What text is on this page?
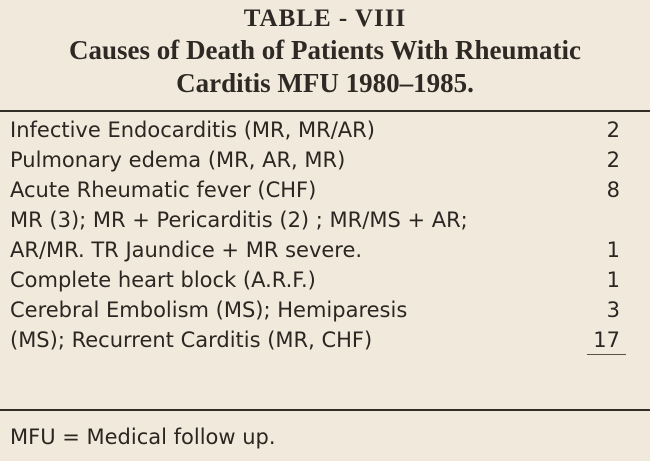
TABLE - VIII
Causes of Death of Patients With Rheumatic
Carditis MFU 1980–1985.
Infective Endocarditis (MR, MR/AR)	2
Pulmonary edema (MR, AR, MR)	2
Acute Rheumatic fever (CHF)	8
MR (3); MR + Pericarditis (2) ; MR/MS + AR;
AR/MR. TR Jaundice + MR severe.	1
Complete heart block (A.R.F.)	1
Cerebral Embolism (MS); Hemiparesis	3
(MS); Recurrent Carditis (MR, CHF)	17
MFU = Medical follow up.
